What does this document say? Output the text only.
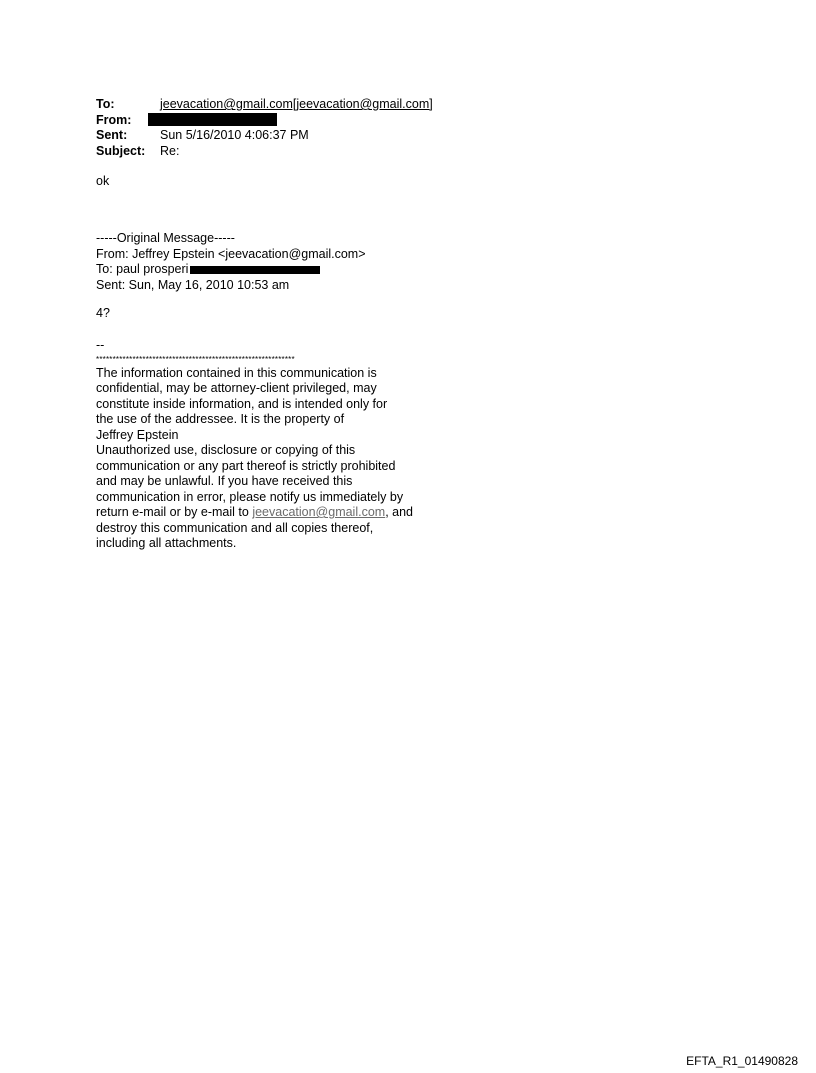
To:	jeevacation@gmail.com[jeevacation@gmail.com]
From:
Sent:	Sun 5/16/2010 4:06:37 PM
Subject:	Re:
ok
-----Original Message-----
From: Jeffrey Epstein <jeevacation@gmail.com>
To: paul prosperi
Sent: Sun, May 16, 2010 10:53 am
4?
--
************************************************************
The information contained in this communication is
confidential, may be attorney-client privileged, may
constitute inside information, and is intended only for
the use of the addressee. It is the property of
Jeffrey Epstein
Unauthorized use, disclosure or copying of this
communication or any part thereof is strictly prohibited
and may be unlawful. If you have received this
communication in error, please notify us immediately by
return e-mail or by e-mail to jeevacation@gmail.com, and
destroy this communication and all copies thereof,
including all attachments.
EFTA_R1_01490828
